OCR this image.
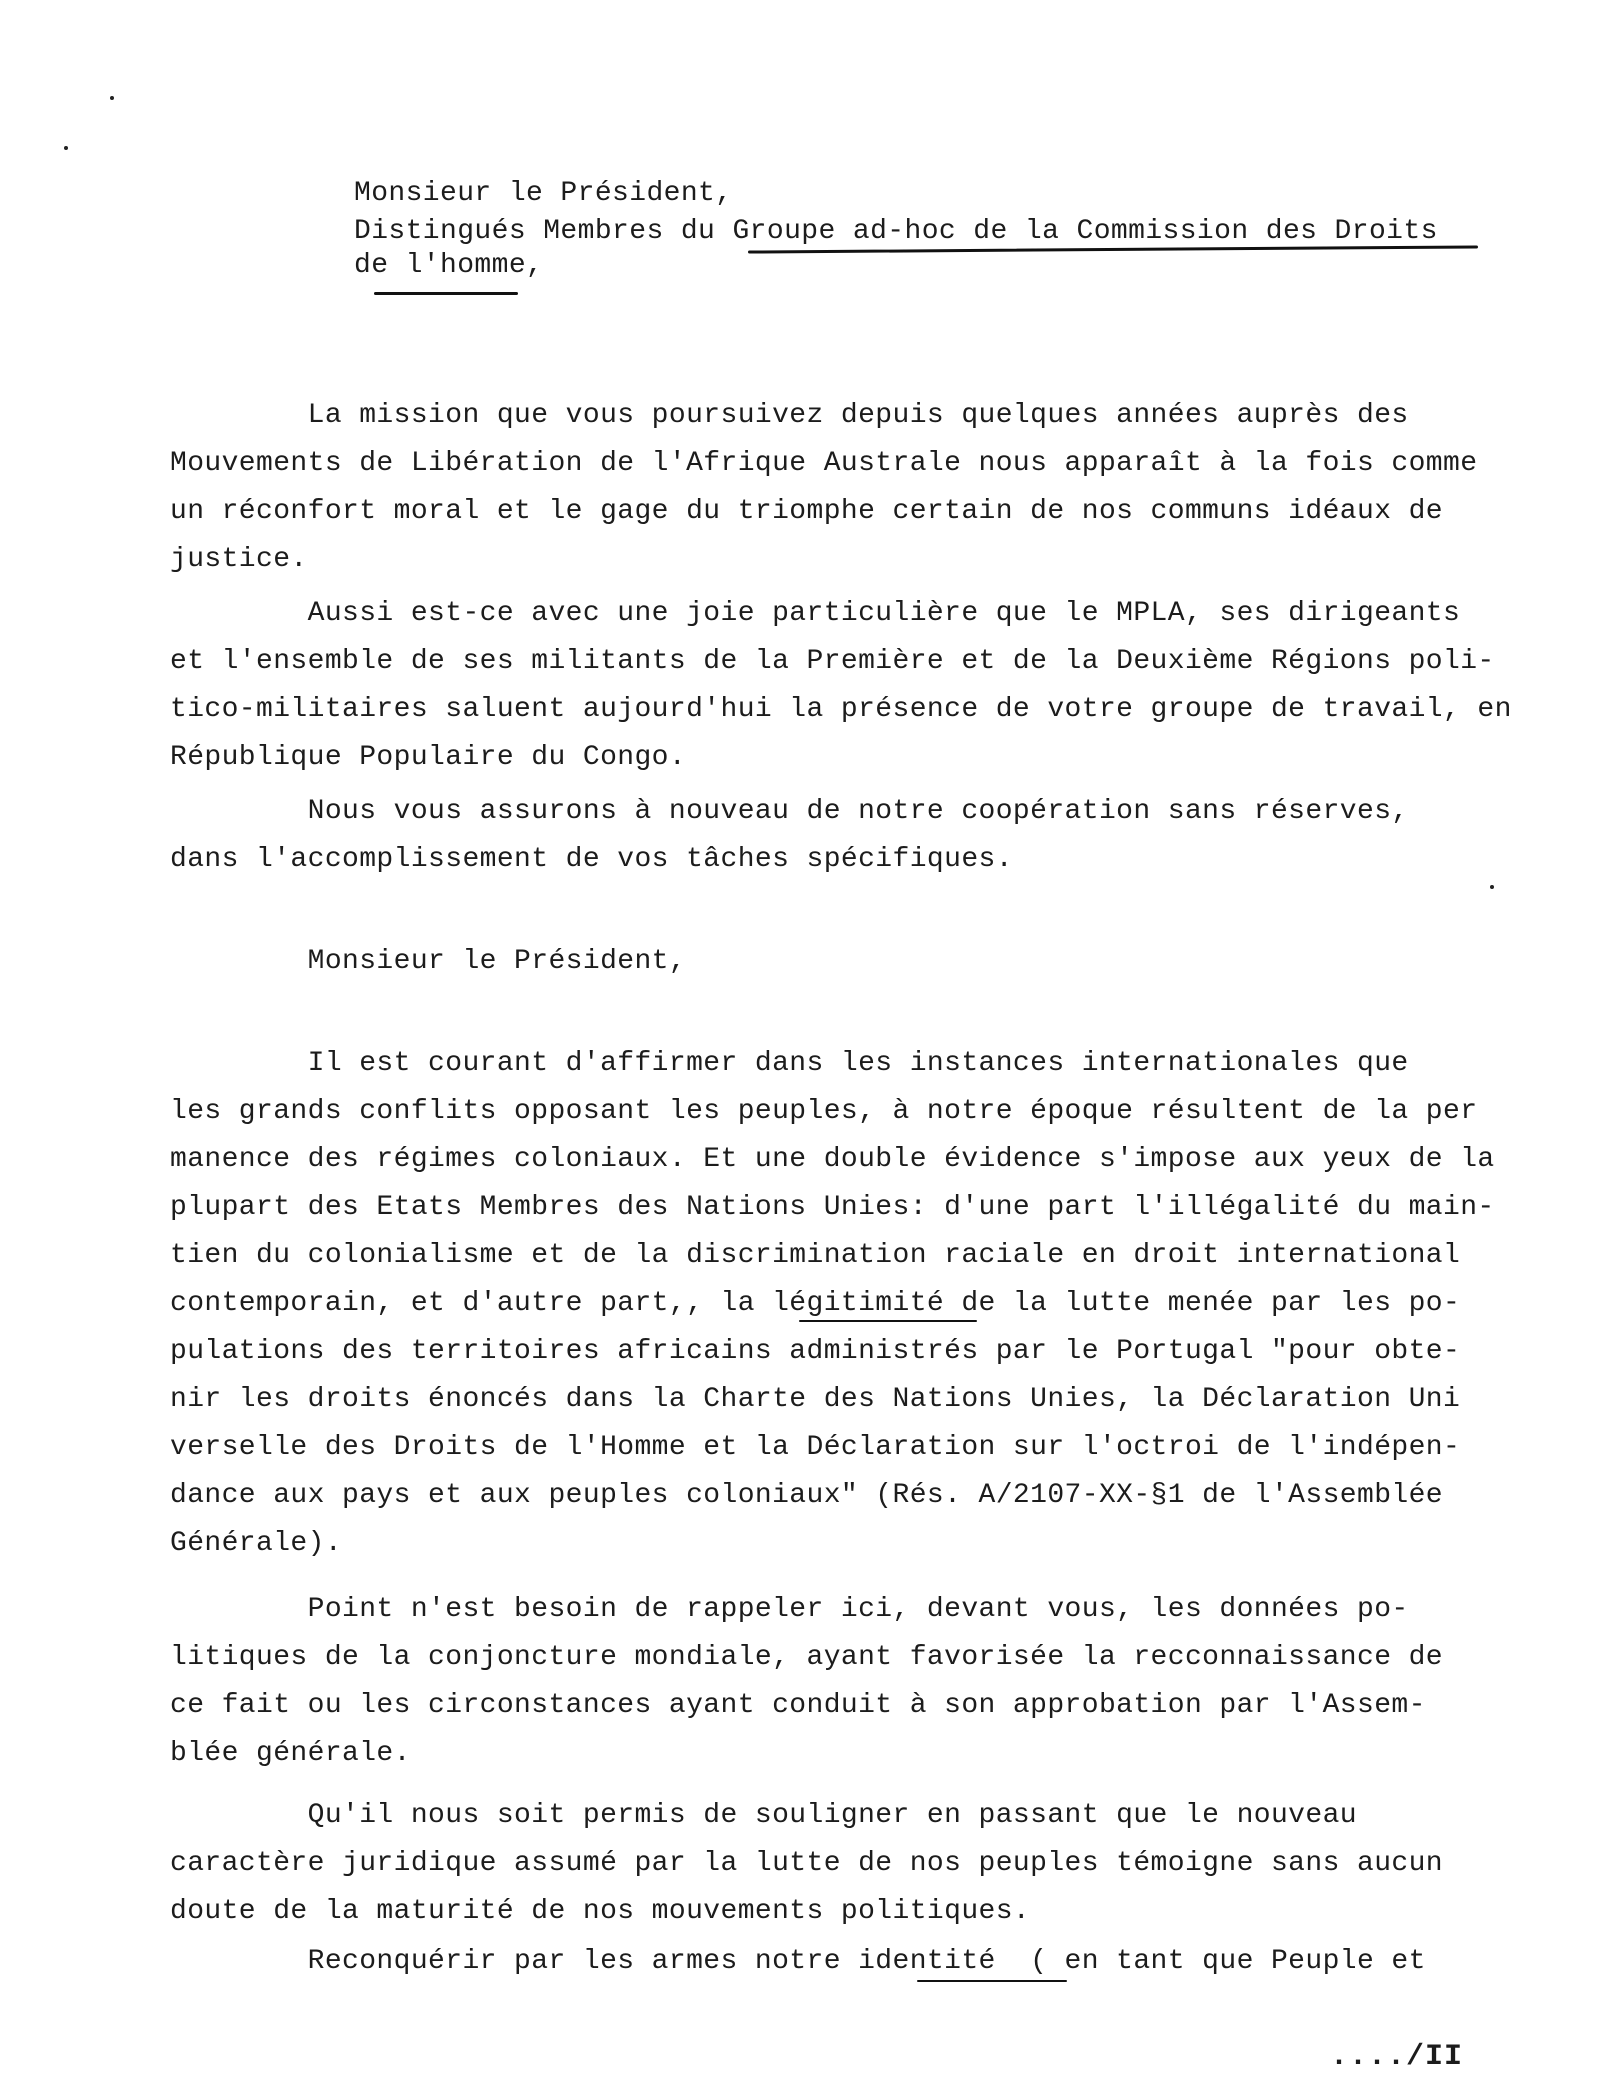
Monsieur le Président,
Distingués Membres du Groupe ad-hoc de la Commission des Droits
de l'homme,
La mission que vous poursuivez depuis quelques années auprès des
Mouvements de Libération de l'Afrique Australe nous apparaît à la fois comme
un réconfort moral et le gage du triomphe certain de nos communs idéaux de
justice.
Aussi est-ce avec une joie particulière que le MPLA, ses dirigeants
et l'ensemble de ses militants de la Première et de la Deuxième Régions poli-
tico-militaires saluent aujourd'hui la présence de votre groupe de travail, en
République Populaire du Congo.
Nous vous assurons à nouveau de notre coopération sans réserves,
dans l'accomplissement de vos tâches spécifiques.
Monsieur le Président,
Il est courant d'affirmer dans les instances internationales que
les grands conflits opposant les peuples, à notre époque résultent de la per
manence des régimes coloniaux. Et une double évidence s'impose aux yeux de la
plupart des Etats Membres des Nations Unies: d'une part l'illégalité du main-
tien du colonialisme et de la discrimination raciale en droit international
contemporain, et d'autre part,, la légitimité de la lutte menée par les po-
pulations des territoires africains administrés par le Portugal "pour obte-
nir les droits énoncés dans la Charte des Nations Unies, la Déclaration Uni
verselle des Droits de l'Homme et la Déclaration sur l'octroi de l'indépen-
dance aux pays et aux peuples coloniaux" (Rés. A/2107-XX-§1 de l'Assemblée
Générale).
Point n'est besoin de rappeler ici, devant vous, les données po-
litiques de la conjoncture mondiale, ayant favorisée la recconnaissance de
ce fait ou les circonstances ayant conduit à son approbation par l'Assem-
blée générale.
Qu'il nous soit permis de souligner en passant que le nouveau
caractère juridique assumé par la lutte de nos peuples témoigne sans aucun
doute de la maturité de nos mouvements politiques.
Reconquérir par les armes notre identité  ( en tant que Peuple et
..../II
